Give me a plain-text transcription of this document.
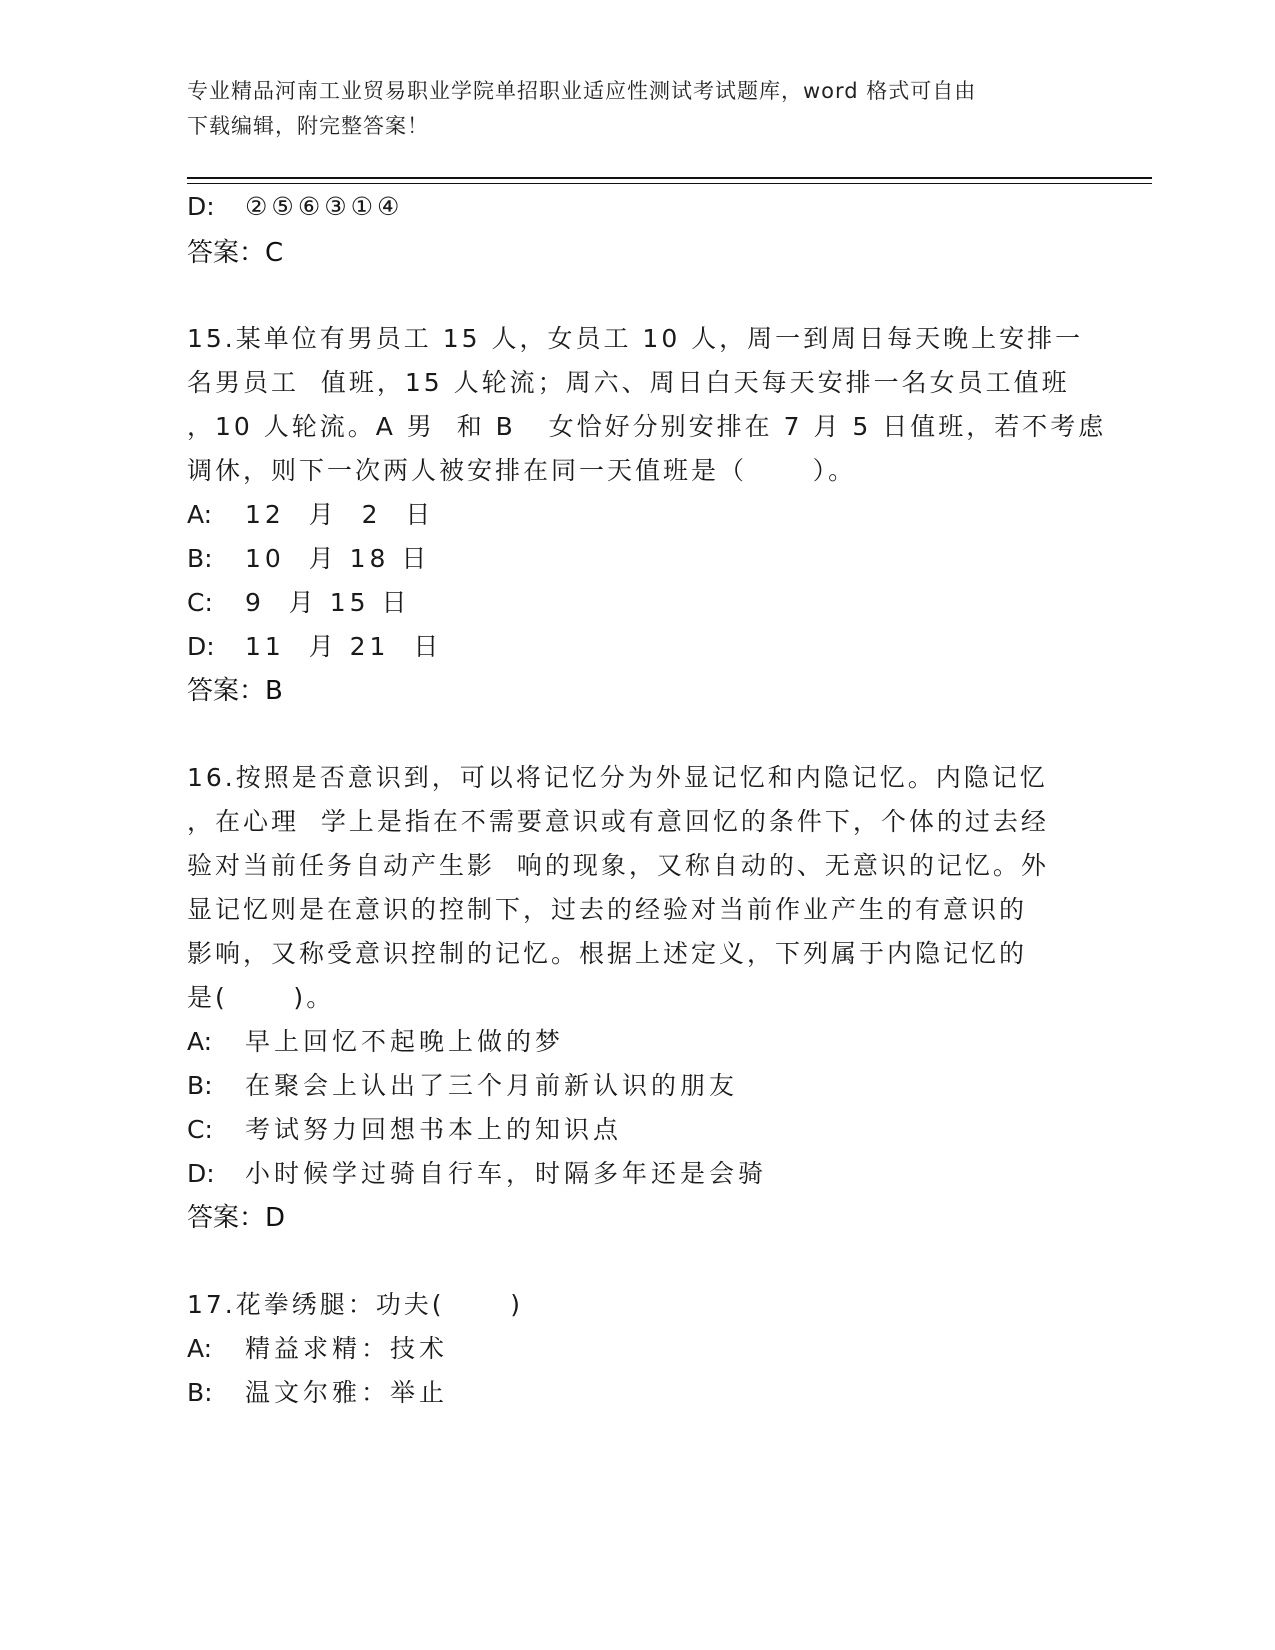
专业精品河南工业贸易职业学院单招职业适应性测试考试题库，word 格式可自由
下载编辑，附完整答案！
D: ②⑤⑥③①④
答案：C
15.某单位有男员工 15 人，女员工 10 人，周一到周日每天晚上安排一
名男员工  值班，15 人轮流；周六、周日白天每天安排一名女员工值班
，10 人轮流。A 男  和 B   女恰好分别安排在 7 月 5 日值班，若不考虑
调休，则下一次两人被安排在同一天值班是（      ）。
A: 12  月  2  日
B: 10  月 18 日
C: 9  月 15 日
D: 11  月 21  日
答案：B
16.按照是否意识到，可以将记忆分为外显记忆和内隐记忆。内隐记忆
，在心理  学上是指在不需要意识或有意回忆的条件下，个体的过去经
验对当前任务自动产生影  响的现象，又称自动的、无意识的记忆。外
显记忆则是在意识的控制下，过去的经验对当前作业产生的有意识的
影响，又称受意识控制的记忆。根据上述定义，下列属于内隐记忆的
是(      )。
A: 早上回忆不起晚上做的梦
B: 在聚会上认出了三个月前新认识的朋友
C: 考试努力回想书本上的知识点
D: 小时候学过骑自行车，时隔多年还是会骑
答案：D
17.花拳绣腿：功夫(      )
A: 精益求精：技术
B: 温文尔雅：举止
